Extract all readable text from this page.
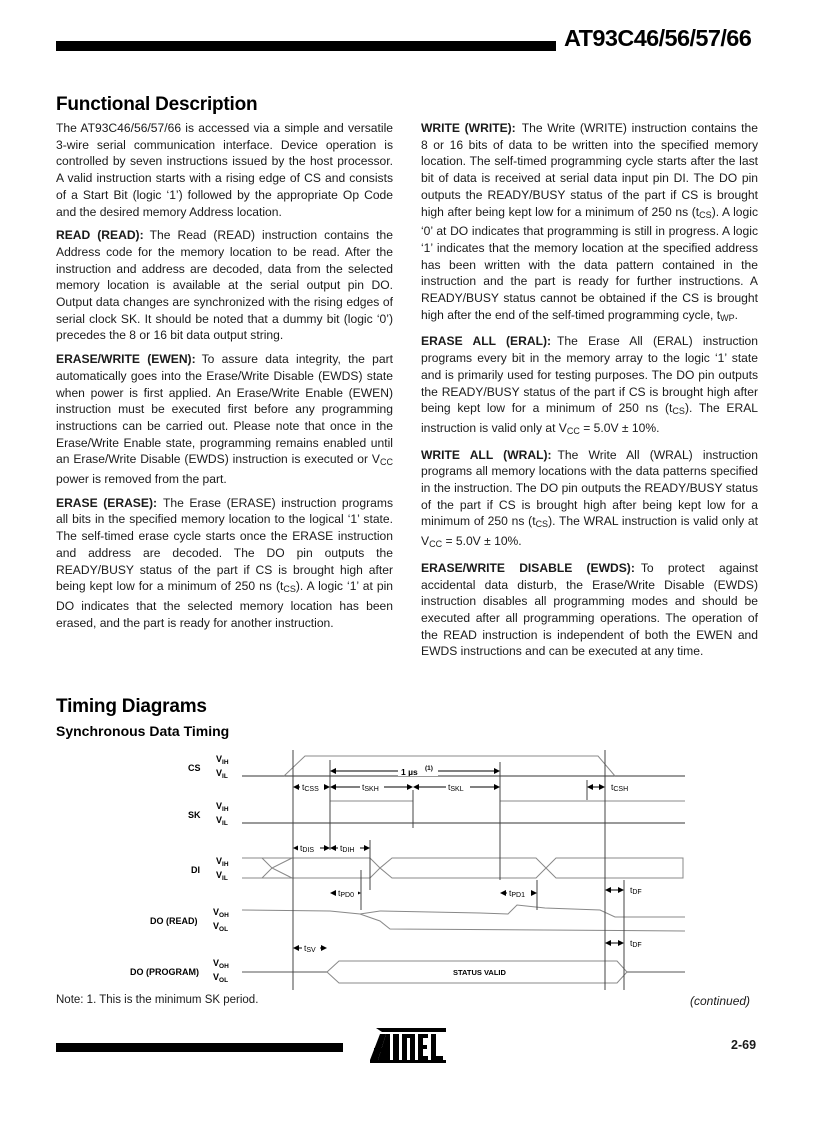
AT93C46/56/57/66
Functional Description

The AT93C46/56/57/66 is accessed via a simple and versatile 3-wire serial communication interface. Device operation is controlled by seven instructions issued by the host processor. A valid instruction starts with a rising edge of CS and consists of a Start Bit (logic ‘1’) followed by the appropriate Op Code and the desired memory Address location.

READ (READ): The Read (READ) instruction contains the Address code for the memory location to be read. After the instruction and address are decoded, data from the selected memory location is available at the serial output pin DO. Output data changes are synchronized with the rising edges of serial clock SK. It should be noted that a dummy bit (logic ‘0’) precedes the 8 or 16 bit data output string.

ERASE/WRITE (EWEN): To assure data integrity, the part automatically goes into the Erase/Write Disable (EWDS) state when power is first applied. An Erase/Write Enable (EWEN) instruction must be executed first before any programming instructions can be carried out. Please note that once in the Erase/Write Enable state, programming remains enabled until an Erase/Write Disable (EWDS) instruction is executed or $V_{CC}$ power is removed from the part.

ERASE (ERASE): The Erase (ERASE) instruction programs all bits in the specified memory location to the logical ‘1’ state. The self-timed erase cycle starts once the ERASE instruction and address are decoded. The DO pin outputs the READY/BUSY status of the part if CS is brought high after being kept low for a minimum of 250 ns $(t_{CS})$. A logic ‘1’ at pin DO indicates that the selected memory location has been erased, and the part is ready for another instruction.

WRITE (WRITE): The Write (WRITE) instruction contains the 8 or 16 bits of data to be written into the specified memory location. The self-timed programming cycle starts after the last bit of data is received at serial data input pin DI. The DO pin outputs the READY/BUSY status of the part if CS is brought high after being kept low for a minimum of 250 ns $(t_{CS})$. A logic ‘0’ at DO indicates that programming is still in progress. A logic ‘1’ indicates that the memory location at the specified address has been written with the data pattern contained in the instruction and the part is ready for further instructions. A READY/BUSY status cannot be obtained if the CS is brought high after the end of the self-timed programming cycle, $t_{WP}$.

ERASE ALL (ERAL): The Erase All (ERAL) instruction programs every bit in the memory array to the logic ‘1’ state and is primarily used for testing purposes. The DO pin outputs the READY/BUSY status of the part if CS is brought high after being kept low for a minimum of 250 ns $(t_{CS})$. The ERAL instruction is valid only at $V_{CC} = 5.0V \pm 10\%$.

WRITE ALL (WRAL): The Write All (WRAL) instruction programs all memory locations with the data patterns specified in the instruction. The DO pin outputs the READY/BUSY status of the part if CS is brought high after being kept low for a minimum of 250 ns $(t_{CS})$. The WRAL instruction is valid only at $V_{CC} = 5.0V \pm 10\%$.

ERASE/WRITE DISABLE (EWDS): To protect against accidental data disturb, the Erase/Write Disable (EWDS) instruction disables all programming modes and should be executed after all programming operations. The operation of the READ instruction is independent of both the EWEN and EWDS instructions and can be executed at any time.

Timing Diagrams
Synchronous Data Timing
CS
SK
DI
DO (READ)
DO (PROGRAM)
$V_{IH}$
$V_{IL}$
$V_{IH}$
$V_{IL}$
$V_{IH}$
$V_{IL}$
$V_{OH}$
$V_{OL}$
$V_{OH}$
$V_{OL}$
1 µs (1)
tCSS	tSKH	tSKL	tCSH
tDIS	tDIH
tPD0	tPD1
tDF
tSV
tDF
STATUS VALID
Note: 1. This is the minimum SK period.	(continued)
2-69
